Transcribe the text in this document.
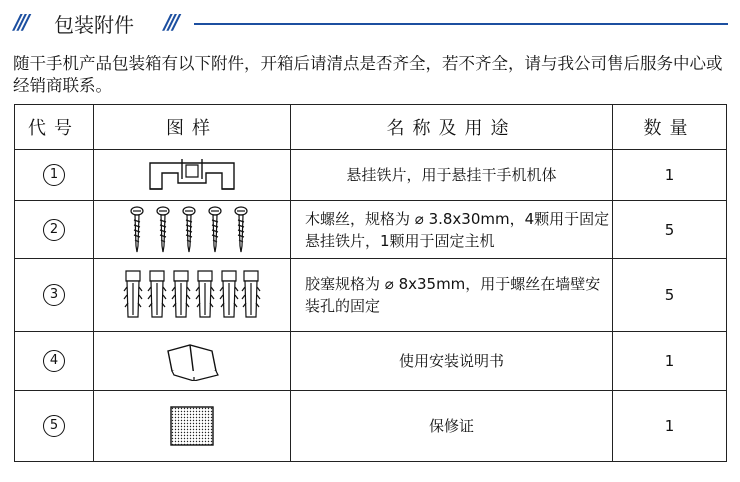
/// 包装附件 ///
随干手机产品包装箱有以下附件，开箱后请清点是否齐全，若不齐全，请与我公司售后服务中心或经销商联系。
代号	图样	名称及用途	数量
1		悬挂铁片，用于悬挂干手机机体	1
2		木螺丝，规格为 ⌀ 3.8x30mm，4颗用于固定悬挂铁片，1颗用于固定主机	5
3		胶塞规格为 ⌀ 8x35mm，用于螺丝在墙壁安装孔的固定	5
4		使用安装说明书	1
5		保修证	1
